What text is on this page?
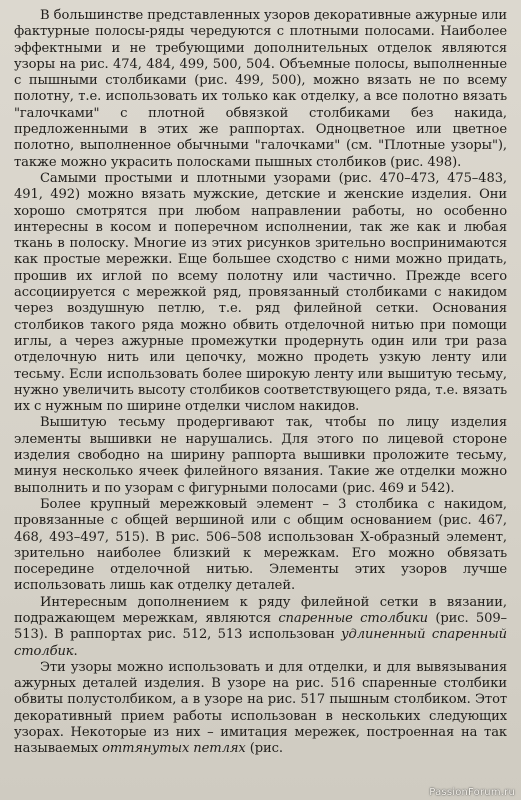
В большинстве представленных узоров декоративные ажурные или фактурные полосы-ряды чередуются с плотными полосами. Наиболее эффектными и не требующими дополнительных отделок являются узоры на рис. 474, 484, 499, 500, 504. Объемные полосы, выполненные с пышными столбиками (рис. 499, 500), можно вязать не по всему полотну, т.е. использовать их только как отделку, а все полотно вязать "галочками" с плотной обвязкой столбиками без накида, предложенными в этих же раппортах. Одноцветное или цветное полотно, выполненное обычными "галочками" (см. "Плотные узоры"), также можно украсить полосками пышных столбиков (рис. 498).

Самыми простыми и плотными узорами (рис. 470–473, 475–483, 491, 492) можно вязать мужские, детские и женские изделия. Они хорошо смотрятся при любом направлении работы, но особенно интересны в косом и поперечном исполнении, так же как и любая ткань в полоску. Многие из этих рисунков зрительно воспринимаются как простые мережки. Еще большее сходство с ними можно придать, прошив их иглой по всему полотну или частично. Прежде всего ассоциируется с мережкой ряд, провязанный столбиками с накидом через воздушную петлю, т.е. ряд филейной сетки. Основания столбиков такого ряда можно обвить отделочной нитью при помощи иглы, а через ажурные промежутки продернуть один или три раза отделочную нить или цепочку, можно продеть узкую ленту или тесьму. Если использовать более широкую ленту или вышитую тесьму, нужно увеличить высоту столбиков соответствующего ряда, т.е. вязать их с нужным по ширине отделки числом накидов.

Вышитую тесьму продергивают так, чтобы по лицу изделия элементы вышивки не нарушались. Для этого по лицевой стороне изделия свободно на ширину раппорта вышивки проложите тесьму, минуя несколько ячеек филейного вязания. Такие же отделки можно выполнить и по узорам с фигурными полосами (рис. 469 и 542).

Более крупный мережковый элемент – 3 столбика с накидом, провязанные с общей вершиной или с общим основанием (рис. 467, 468, 493–497, 515). В рис. 506–508 использован Х-образный элемент, зрительно наиболее близкий к мережкам. Его можно обвязать посередине отделочной нитью. Элементы этих узоров лучше использовать лишь как отделку деталей.

Интересным дополнением к ряду филейной сетки в вязании, подражающем мережкам, являются спаренные столбики (рис. 509–513). В раппортах рис. 512, 513 использован удлиненный спаренный столбик.

Эти узоры можно использовать и для отделки, и для вывязывания ажурных деталей изделия. В узоре на рис. 516 спаренные столбики обвиты полустолбиком, а в узоре на рис. 517 пышным столбиком. Этот декоративный прием работы использован в нескольких следующих узорах. Некоторые из них – имитация мережек, построенная на так называемых оттянутых петлях (рис.

PassionForum.ru
